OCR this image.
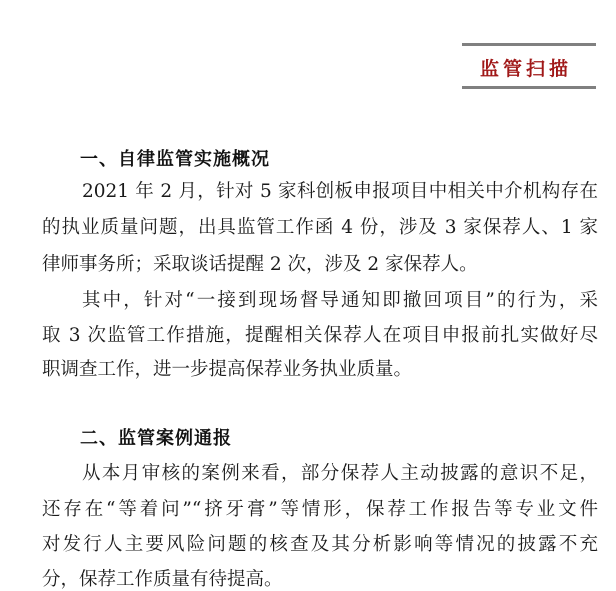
监管扫描
一、自律监管实施概况
2021 年 2 月，针对 5 家科创板申报项目中相关中介机构存在
的执业质量问题，出具监管工作函 4 份，涉及 3 家保荐人、1 家
律师事务所；采取谈话提醒 2 次，涉及 2 家保荐人。
其中，针对“一接到现场督导通知即撤回项目”的行为，采
取 3 次监管工作措施，提醒相关保荐人在项目申报前扎实做好尽
职调查工作，进一步提高保荐业务执业质量。
二、监管案例通报
从本月审核的案例来看，部分保荐人主动披露的意识不足，
还存在“等着问”“挤牙膏”等情形，保荐工作报告等专业文件
对发行人主要风险问题的核查及其分析影响等情况的披露不充
分，保荐工作质量有待提高。
